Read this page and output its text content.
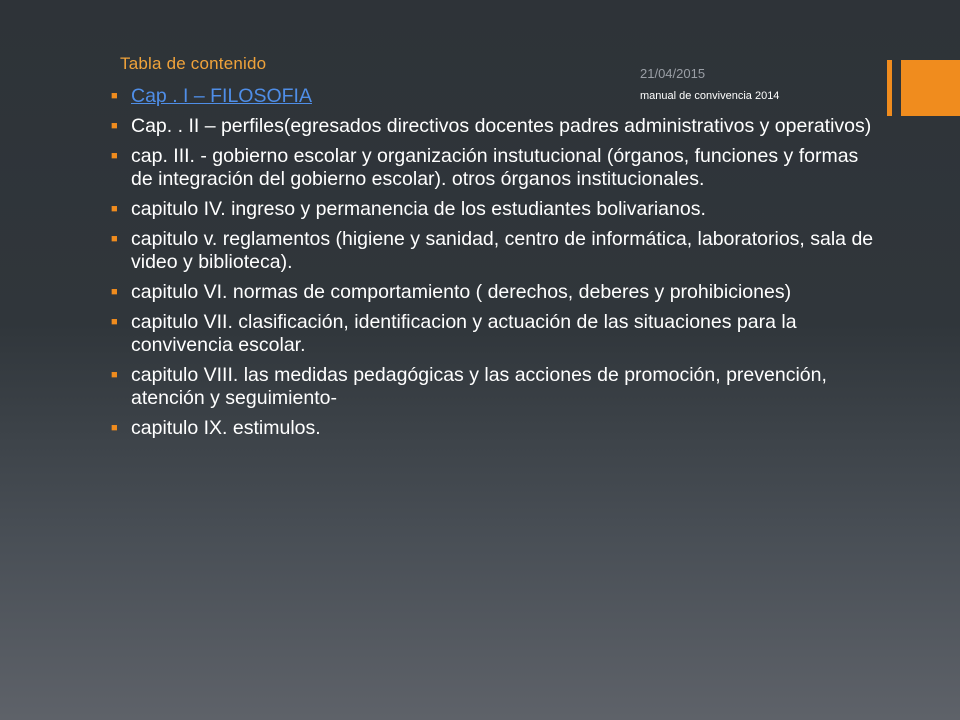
Tabla de contenido
21/04/2015
manual de convivencia 2014
■ Cap . I – FILOSOFIA
■ Cap. . II – perfiles(egresados directivos docentes padres administrativos y operativos)
■ cap. III. - gobierno escolar y organización instutucional (órganos, funciones y formas de integración del gobierno escolar). otros órganos institucionales.
■ capitulo IV. ingreso y permanencia de los estudiantes bolivarianos.
■ capitulo v. reglamentos (higiene y sanidad, centro de informática, laboratorios, sala de video y biblioteca).
■ capitulo VI. normas de comportamiento ( derechos, deberes y prohibiciones)
■ capitulo VII. clasificación, identificacion y actuación de las situaciones para la convivencia escolar.
■ capitulo VIII. las medidas pedagógicas y las acciones de promoción, prevención, atención y seguimiento-
■ capitulo IX. estimulos.
